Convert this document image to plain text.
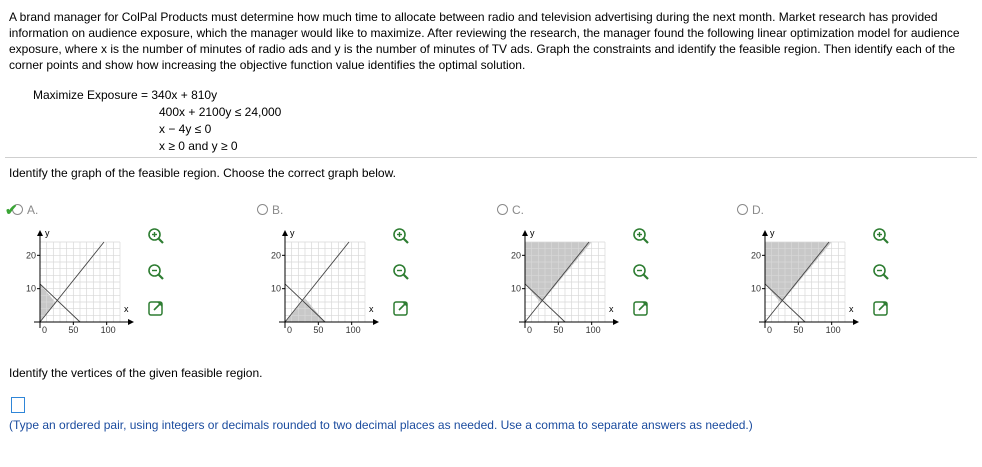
A brand manager for ColPal Products must determine how much time to allocate between radio and television advertising during the next month. Market research has provided information on audience exposure, which the manager would like to maximize. After reviewing the research, the manager found the following linear optimization model for audience exposure, where x is the number of minutes of radio ads and y is the number of minutes of TV ads. Graph the constraints and identify the feasible region. Then identify each of the corner points and show how increasing the objective function value identifies the optimal solution.
Maximize Exposure = 340x + 810y
400x + 2100y ≤ 24,000
x − 4y ≤ 0
x ≥ 0 and y ≥ 0
Identify the graph of the feasible region. Choose the correct graph below.
✔ A.
y
x
20
10
0 50 100
B.
y
x
20
10
0 50 100
C.
y
x
20
10
0 50 100
D.
y
x
20
10
0 50 100
Identify the vertices of the given feasible region.
(Type an ordered pair, using integers or decimals rounded to two decimal places as needed. Use a comma to separate answers as needed.)
